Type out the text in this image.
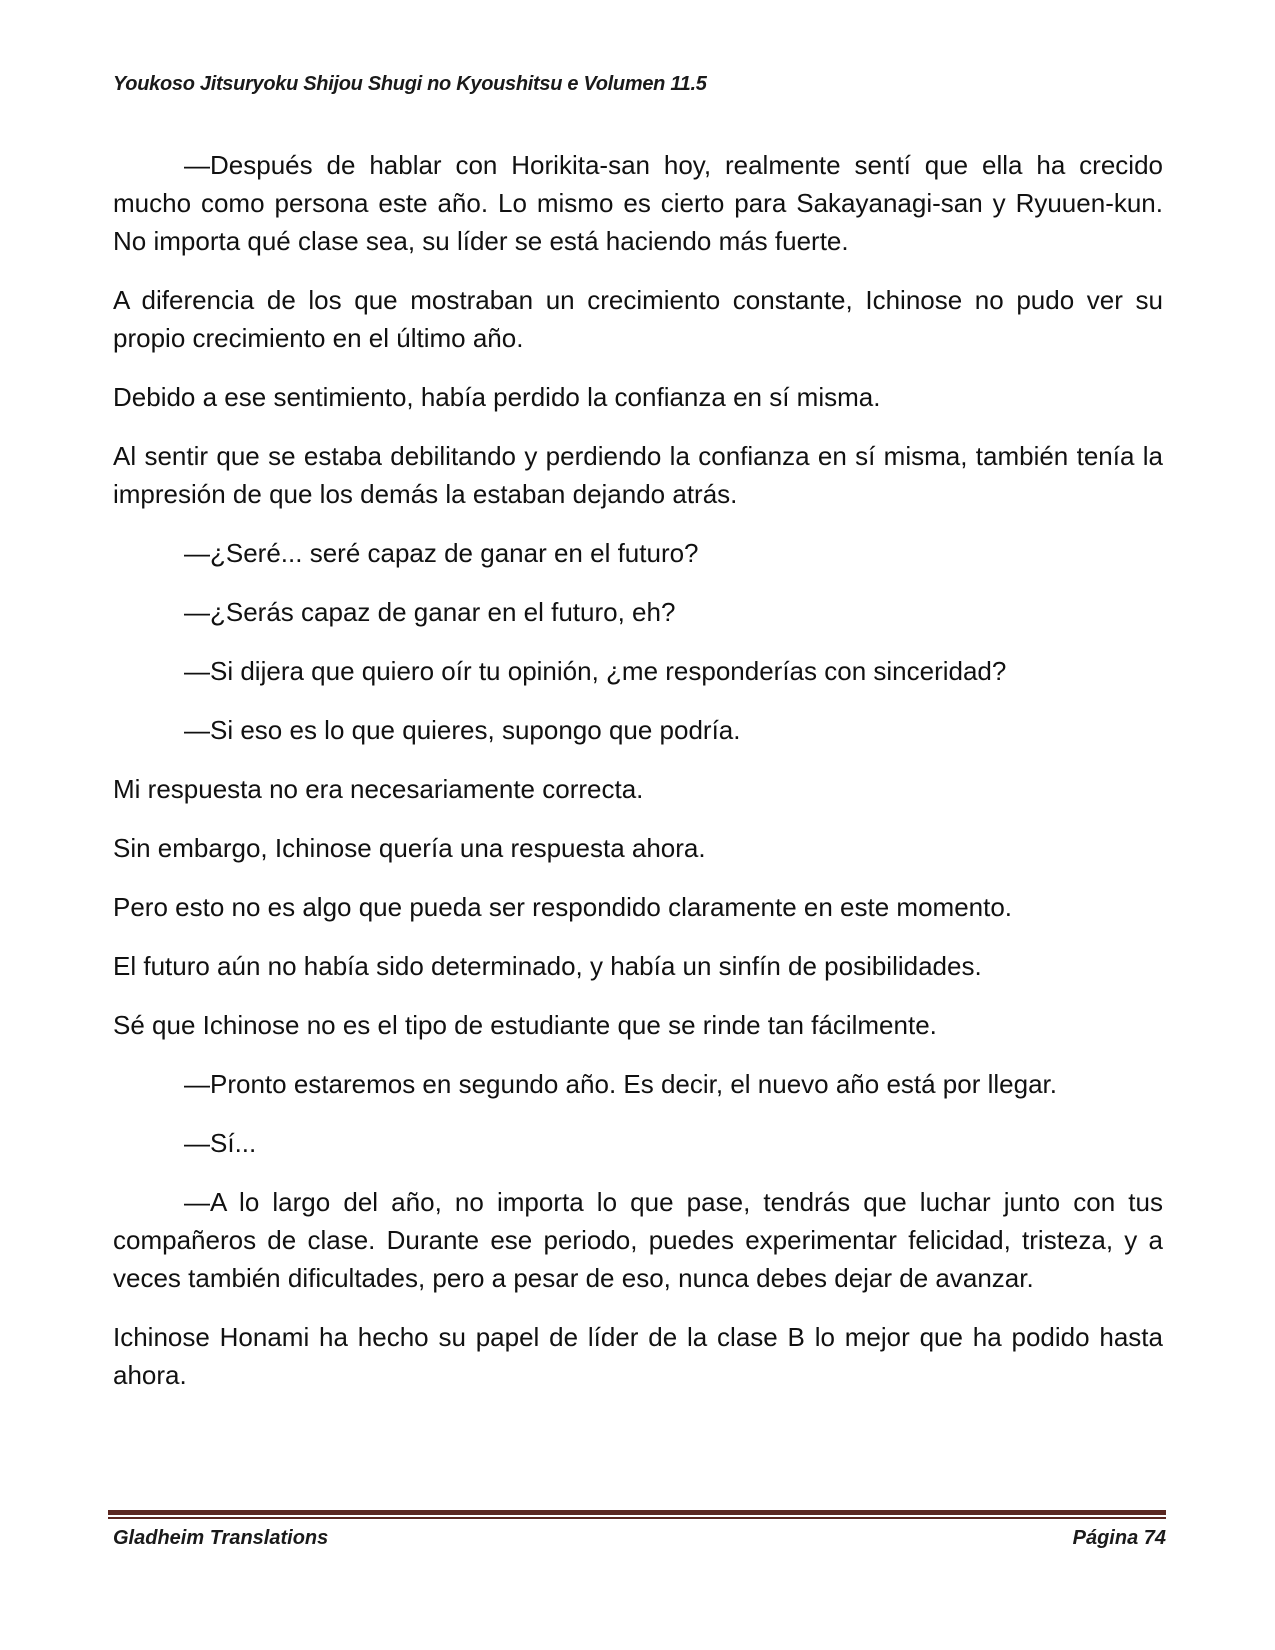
Youkoso Jitsuryoku Shijou Shugi no Kyoushitsu e Volumen 11.5

—Después de hablar con Horikita-san hoy, realmente sentí que ella ha crecido mucho como persona este año. Lo mismo es cierto para Sakayanagi-san y Ryuuen-kun. No importa qué clase sea, su líder se está haciendo más fuerte.

A diferencia de los que mostraban un crecimiento constante, Ichinose no pudo ver su propio crecimiento en el último año.

Debido a ese sentimiento, había perdido la confianza en sí misma.

Al sentir que se estaba debilitando y perdiendo la confianza en sí misma, también tenía la impresión de que los demás la estaban dejando atrás.

—¿Seré... seré capaz de ganar en el futuro?

—¿Serás capaz de ganar en el futuro, eh?

—Si dijera que quiero oír tu opinión, ¿me responderías con sinceridad?

—Si eso es lo que quieres, supongo que podría.

Mi respuesta no era necesariamente correcta.

Sin embargo, Ichinose quería una respuesta ahora.

Pero esto no es algo que pueda ser respondido claramente en este momento.

El futuro aún no había sido determinado, y había un sinfín de posibilidades.

Sé que Ichinose no es el tipo de estudiante que se rinde tan fácilmente.

—Pronto estaremos en segundo año. Es decir, el nuevo año está por llegar.

—Sí...

—A lo largo del año, no importa lo que pase, tendrás que luchar junto con tus compañeros de clase. Durante ese periodo, puedes experimentar felicidad, tristeza, y a veces también dificultades, pero a pesar de eso, nunca debes dejar de avanzar.

Ichinose Honami ha hecho su papel de líder de la clase B lo mejor que ha podido hasta ahora.

Gladheim Translations	Página 74
